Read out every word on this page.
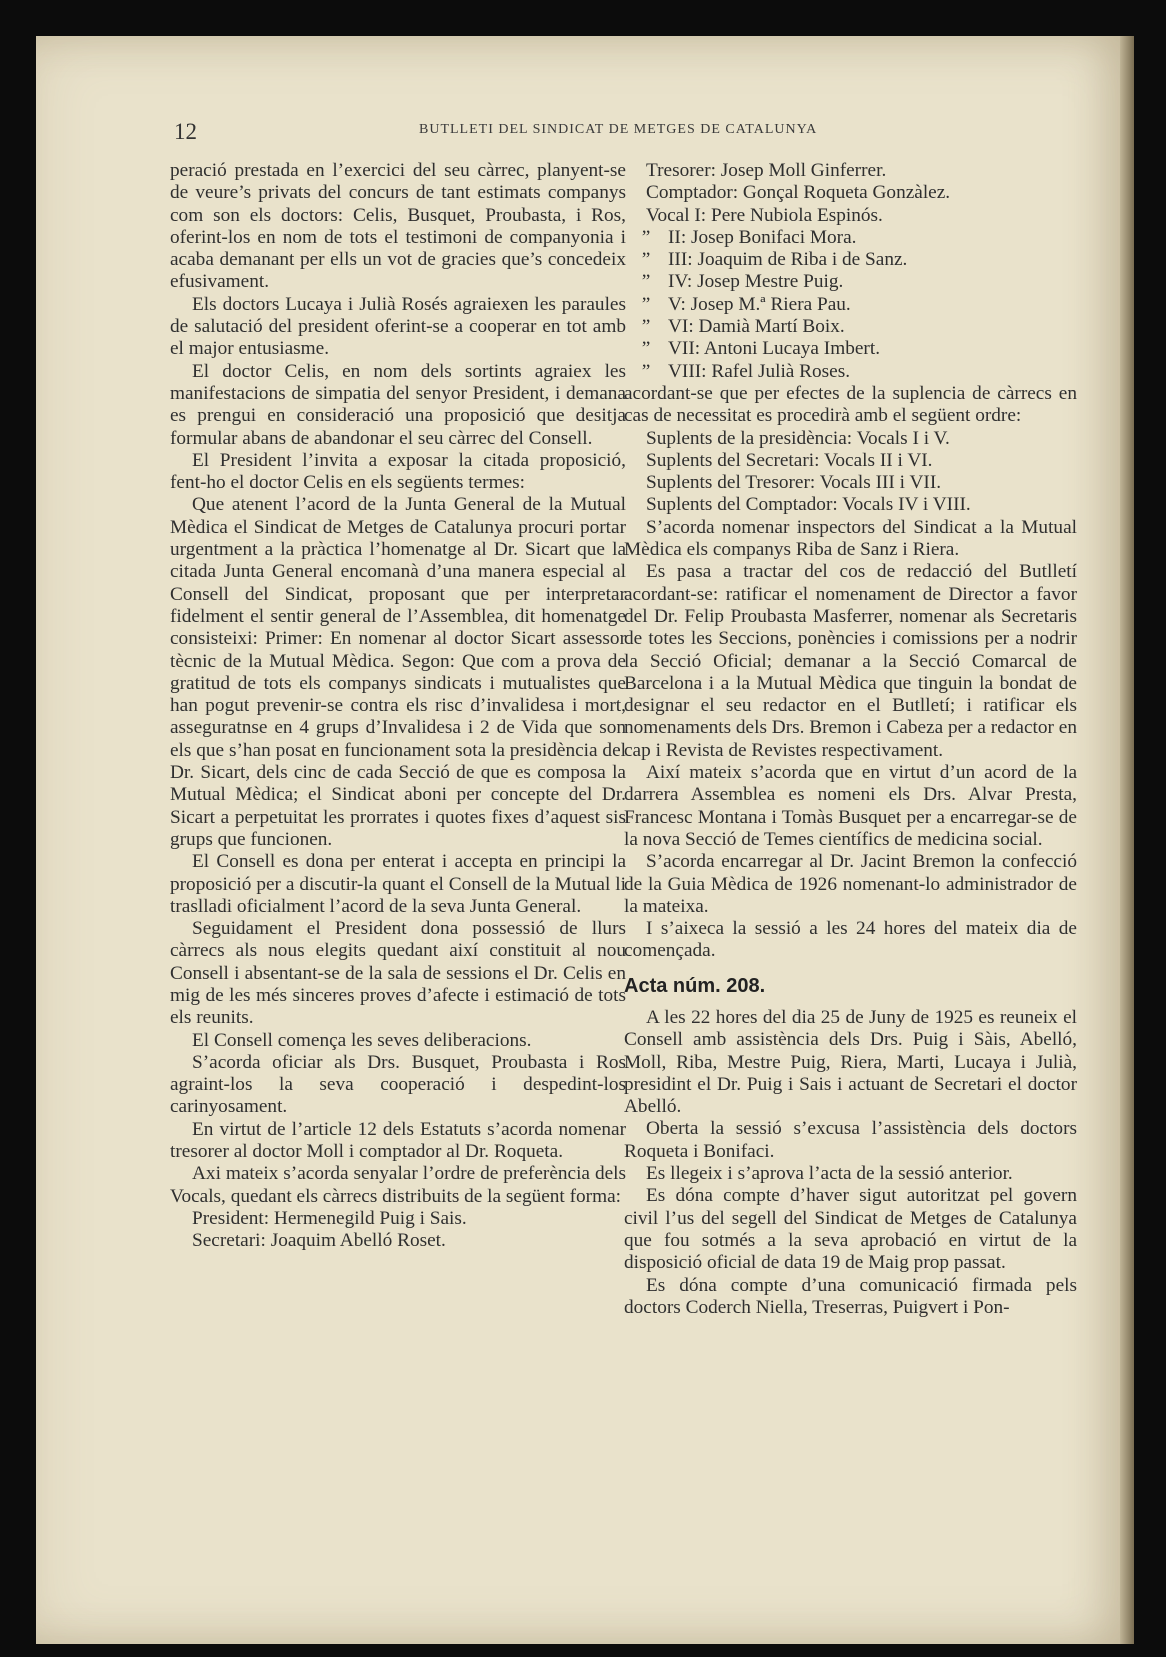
12	BUTLLETI DEL SINDICAT DE METGES DE CATALUNYA

peració prestada en l’exercici del seu càrrec, planyent-se de veure’s privats del concurs de tant estimats companys com son els doctors: Celis, Busquet, Proubasta, i Ros, oferint-los en nom de tots el testimoni de companyonia i acaba demanant per ells un vot de gracies que’s concedeix efusivament.

Els doctors Lucaya i Julià Rosés agraiexen les paraules de salutació del president oferint-se a cooperar en tot amb el major entusiasme.

El doctor Celis, en nom dels sortints agraiex les manifestacions de simpatia del senyor President, i demana es prengui en consideració una proposició que desitja formular abans de abandonar el seu càrrec del Consell.

El President l’invita a exposar la citada proposició, fent-ho el doctor Celis en els següents termes:

Que atenent l’acord de la Junta General de la Mutual Mèdica el Sindicat de Metges de Catalunya procuri portar urgentment a la pràctica l’homenatge al Dr. Sicart que la citada Junta General encomanà d’una manera especial al Consell del Sindicat, proposant que per interpretar fidelment el sentir general de l’Assemblea, dit homenatge consisteixi: Primer: En nomenar al doctor Sicart assessor tècnic de la Mutual Mèdica. Segon: Que com a prova de gratitud de tots els companys sindicats i mutualistes que han pogut prevenir-se contra els risc d’invalidesa i mort, asseguratnse en 4 grups d’Invalidesa i 2 de Vida que son els que s’han posat en funcionament sota la presidència del Dr. Sicart, dels cinc de cada Secció de que es composa la Mutual Mèdica; el Sindicat aboni per concepte del Dr. Sicart a perpetuitat les prorrates i quotes fixes d’aquest sis grups que funcionen.

El Consell es dona per enterat i accepta en principi la proposició per a discutir-la quant el Consell de la Mutual li traslladi oficialment l’acord de la seva Junta General.

Seguidament el President dona possessió de llurs càrrecs als nous elegits quedant així constituit al nou Consell i absentant-se de la sala de sessions el Dr. Celis en mig de les més sinceres proves d’afecte i estimació de tots els reunits.

El Consell comença les seves deliberacions.

S’acorda oficiar als Drs. Busquet, Proubasta i Ros agraint-los la seva cooperació i despedint-los carinyosament.

En virtut de l’article 12 dels Estatuts s’acorda nomenar tresorer al doctor Moll i comptador al Dr. Roqueta.

Axi mateix s’acorda senyalar l’ordre de preferència dels Vocals, quedant els càrrecs distribuits de la següent forma:

President: Hermenegild Puig i Sais.
Secretari: Joaquim Abelló Roset.
Tresorer: Josep Moll Ginferrer.
Comptador: Gonçal Roqueta Gonzàlez.
Vocal I: Pere Nubiola Espinós.
” II: Josep Bonifaci Mora.
” III: Joaquim de Riba i de Sanz.
” IV: Josep Mestre Puig.
” V: Josep M.ª Riera Pau.
” VI: Damià Martí Boix.
” VII: Antoni Lucaya Imbert.
” VIII: Rafel Julià Roses.

acordant-se que per efectes de la suplencia de càrrecs en cas de necessitat es procedirà amb el següent ordre:

Suplents de la presidència: Vocals I i V.
Suplents del Secretari: Vocals II i VI.
Suplents del Tresorer: Vocals III i VII.
Suplents del Comptador: Vocals IV i VIII.

S’acorda nomenar inspectors del Sindicat a la Mutual Mèdica els companys Riba de Sanz i Riera.

Es pasa a tractar del cos de redacció del Butlletí acordant-se: ratificar el nomenament de Director a favor del Dr. Felip Proubasta Masferrer, nomenar als Secretaris de totes les Seccions, ponències i comissions per a nodrir la Secció Oficial; demanar a la Secció Comarcal de Barcelona i a la Mutual Mèdica que tinguin la bondat de designar el seu redactor en el Butlletí; i ratificar els nomenaments dels Drs. Bremon i Cabeza per a redactor en cap i Revista de Revistes respectivament.

Així mateix s’acorda que en virtut d’un acord de la darrera Assemblea es nomeni els Drs. Alvar Presta, Francesc Montana i Tomàs Busquet per a encarregar-se de la nova Secció de Temes científics de medicina social.

S’acorda encarregar al Dr. Jacint Bremon la confecció de la Guia Mèdica de 1926 nomenant-lo administrador de la mateixa.

I s’aixeca la sessió a les 24 hores del mateix dia de començada.

Acta núm. 208.

A les 22 hores del dia 25 de Juny de 1925 es reuneix el Consell amb assistència dels Drs. Puig i Sàis, Abelló, Moll, Riba, Mestre Puig, Riera, Marti, Lucaya i Julià, presidint el Dr. Puig i Sais i actuant de Secretari el doctor Abelló.

Oberta la sessió s’excusa l’assistència dels doctors Roqueta i Bonifaci.

Es llegeix i s’aprova l’acta de la sessió anterior.

Es dóna compte d’haver sigut autoritzat pel govern civil l’us del segell del Sindicat de Metges de Catalunya que fou sotmés a la seva aprobació en virtut de la disposició oficial de data 19 de Maig prop passat.

Es dóna compte d’una comunicació firmada pels doctors Coderch Niella, Treserras, Puigvert i Pon-
